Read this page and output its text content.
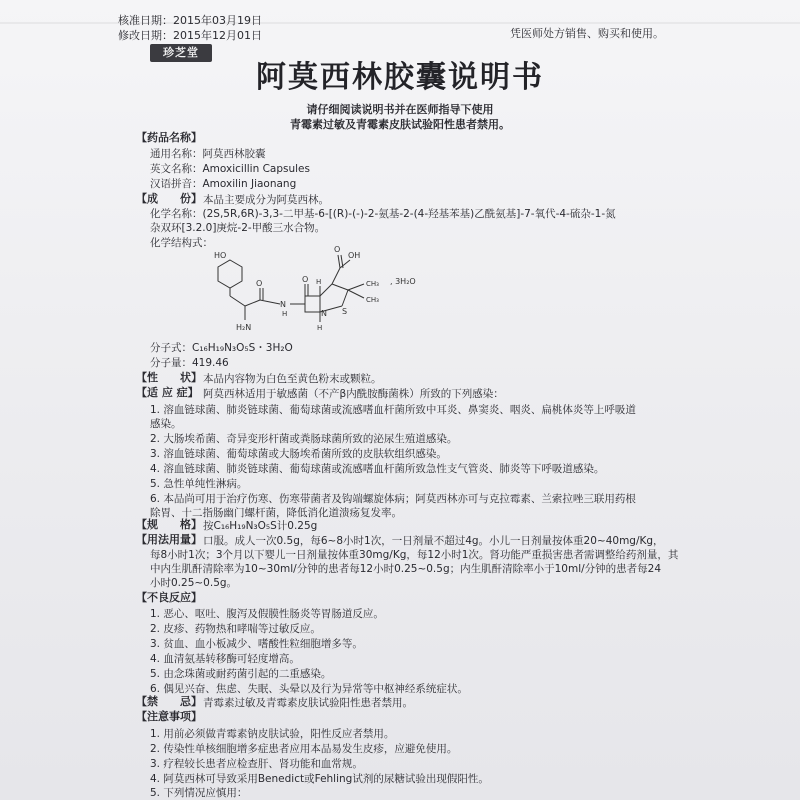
核准日期：2015年03月19日
修改日期：2015年12月01日	凭医师处方销售、购买和使用。
珍芝堂
阿莫西林胶囊说明书
请仔细阅读说明书并在医师指导下使用
青霉素过敏及青霉素皮肤试验阳性患者禁用。
【药品名称】
通用名称：阿莫西林胶囊
英文名称：Amoxicillin Capsules
汉语拼音：Amoxilin Jiaonang
【成　　份】 本品主要成分为阿莫西林。
化学名称：(2S,5R,6R)-3,3-二甲基-6-[(R)-(-)-2-氨基-2-(4-羟基苯基)乙酰氨基]-7-氧代-4-硫杂-1-氮
杂双环[3.2.0]庚烷-2-甲酸三水合物。
化学结构式：
HO	OH
O
O	O
N
H	N S
H
H	CH₃
CH₃
H₂N
, 3H₂O
分子式：C₁₆H₁₉N₃O₅S・3H₂O
分子量：419.46
【性　　状】 本品内容物为白色至黄色粉末或颗粒。
【适 应 症】 阿莫西林适用于敏感菌（不产β内酰胺酶菌株）所致的下列感染：
1. 溶血链球菌、肺炎链球菌、葡萄球菌或流感嗜血杆菌所致中耳炎、鼻窦炎、咽炎、扁桃体炎等上呼吸道
感染。
2. 大肠埃希菌、奇异变形杆菌或粪肠球菌所致的泌尿生殖道感染。
3. 溶血链球菌、葡萄球菌或大肠埃希菌所致的皮肤软组织感染。
4. 溶血链球菌、肺炎链球菌、葡萄球菌或流感嗜血杆菌所致急性支气管炎、肺炎等下呼吸道感染。
5. 急性单纯性淋病。
6. 本品尚可用于治疗伤寒、伤寒带菌者及钩端螺旋体病；阿莫西林亦可与克拉霉素、兰索拉唑三联用药根
除胃、十二指肠幽门螺杆菌，降低消化道溃疡复发率。
【规　　格】 按C₁₆H₁₉N₃O₅S计0.25g
【用法用量】 口服。成人一次0.5g，每6~8小时1次，一日剂量不超过4g。小儿一日剂量按体重20~40mg/Kg，
每8小时1次；3个月以下婴儿一日剂量按体重30mg/Kg，每12小时1次。肾功能严重损害患者需调整给药剂量，其
中内生肌酐清除率为10~30ml/分钟的患者每12小时0.25~0.5g；内生肌酐清除率小于10ml/分钟的患者每24
小时0.25~0.5g。
【不良反应】
1. 恶心、呕吐、腹泻及假膜性肠炎等胃肠道反应。
2. 皮疹、药物热和哮喘等过敏反应。
3. 贫血、血小板减少、嗜酸性粒细胞增多等。
4. 血清氨基转移酶可轻度增高。
5. 由念珠菌或耐药菌引起的二重感染。
6. 偶见兴奋、焦虑、失眠、头晕以及行为异常等中枢神经系统症状。
【禁　　忌】 青霉素过敏及青霉素皮肤试验阳性患者禁用。
【注意事项】
1. 用前必须做青霉素钠皮肤试验，阳性反应者禁用。
2. 传染性单核细胞增多症患者应用本品易发生皮疹，应避免使用。
3. 疗程较长患者应检查肝、肾功能和血常规。
4. 阿莫西林可导致采用Benedict或Fehling试剂的尿糖试验出现假阳性。
5. 下列情况应慎用：
